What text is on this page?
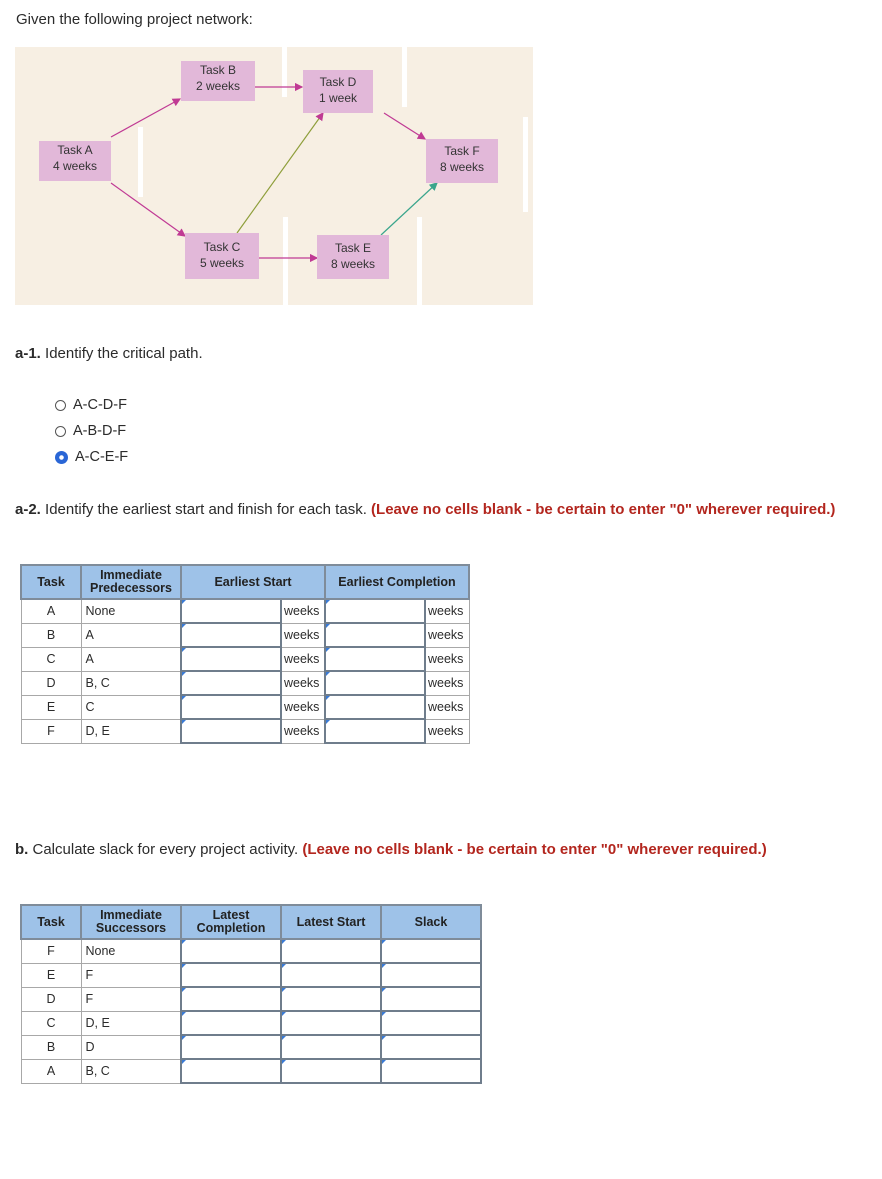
Given the following project network:
Task A
4 weeks
Task B
2 weeks
Task C
5 weeks
Task D
1 week
Task E
8 weeks
Task F
8 weeks
a-1. Identify the critical path.
A-C-D-F
A-B-D-F
A-C-E-F
a-2. Identify the earliest start and finish for each task. (Leave no cells blank - be certain to enter "0" wherever required.)
Task	Immediate Predecessors	Earliest Start		Earliest Completion	
A	None		weeks		weeks
B	A		weeks		weeks
C	A		weeks		weeks
D	B, C		weeks		weeks
E	C		weeks		weeks
F	D, E		weeks		weeks
b. Calculate slack for every project activity. (Leave no cells blank - be certain to enter "0" wherever required.)
Task	Immediate Successors	Latest Completion	Latest Start	Slack
F	None			
E	F			
D	F			
C	D, E			
B	D			
A	B, C			
